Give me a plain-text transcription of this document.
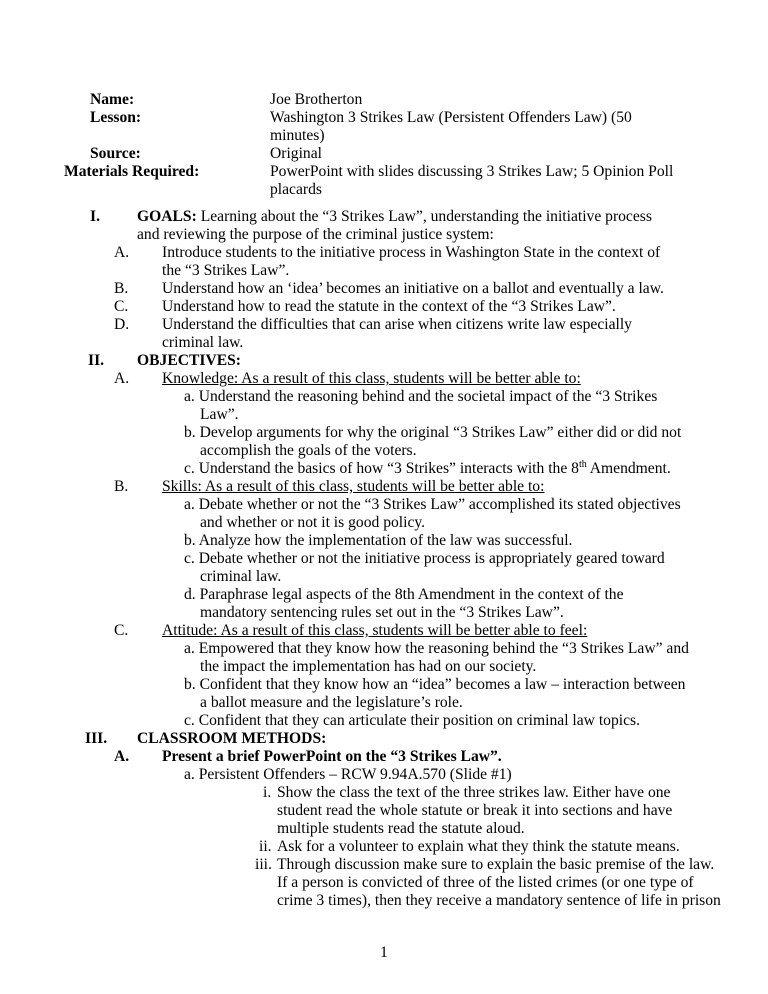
Name:	Joe Brotherton
Lesson:	Washington 3 Strikes Law (Persistent Offenders Law) (50
minutes)
Source:	Original
Materials Required:	PowerPoint with slides discussing 3 Strikes Law; 5 Opinion Poll
placards
I. GOALS: Learning about the “3 Strikes Law”, understanding the initiative process
and reviewing the purpose of the criminal justice system:
A. Introduce students to the initiative process in Washington State in the context of
the “3 Strikes Law”.
B. Understand how an ‘idea’ becomes an initiative on a ballot and eventually a law.
C. Understand how to read the statute in the context of the “3 Strikes Law”.
D. Understand the difficulties that can arise when citizens write law especially
criminal law.
II. OBJECTIVES:
A. Knowledge: As a result of this class, students will be better able to:
a. Understand the reasoning behind and the societal impact of the “3 Strikes
Law”.
b. Develop arguments for why the original “3 Strikes Law” either did or did not
accomplish the goals of the voters.
c. Understand the basics of how “3 Strikes” interacts with the 8th Amendment.
B. Skills: As a result of this class, students will be better able to:
a. Debate whether or not the “3 Strikes Law” accomplished its stated objectives
and whether or not it is good policy.
b. Analyze how the implementation of the law was successful.
c. Debate whether or not the initiative process is appropriately geared toward
criminal law.
d. Paraphrase legal aspects of the 8th Amendment in the context of the
mandatory sentencing rules set out in the “3 Strikes Law”.
C. Attitude: As a result of this class, students will be better able to feel:
a. Empowered that they know how the reasoning behind the “3 Strikes Law” and
the impact the implementation has had on our society.
b. Confident that they know how an “idea” becomes a law – interaction between
a ballot measure and the legislature’s role.
c. Confident that they can articulate their position on criminal law topics.
III. CLASSROOM METHODS:
A. Present a brief PowerPoint on the “3 Strikes Law”.
a. Persistent Offenders – RCW 9.94A.570 (Slide #1)
i. Show the class the text of the three strikes law. Either have one
student read the whole statute or break it into sections and have
multiple students read the statute aloud.
ii. Ask for a volunteer to explain what they think the statute means.
iii. Through discussion make sure to explain the basic premise of the law.
If a person is convicted of three of the listed crimes (or one type of
crime 3 times), then they receive a mandatory sentence of life in prison
1
